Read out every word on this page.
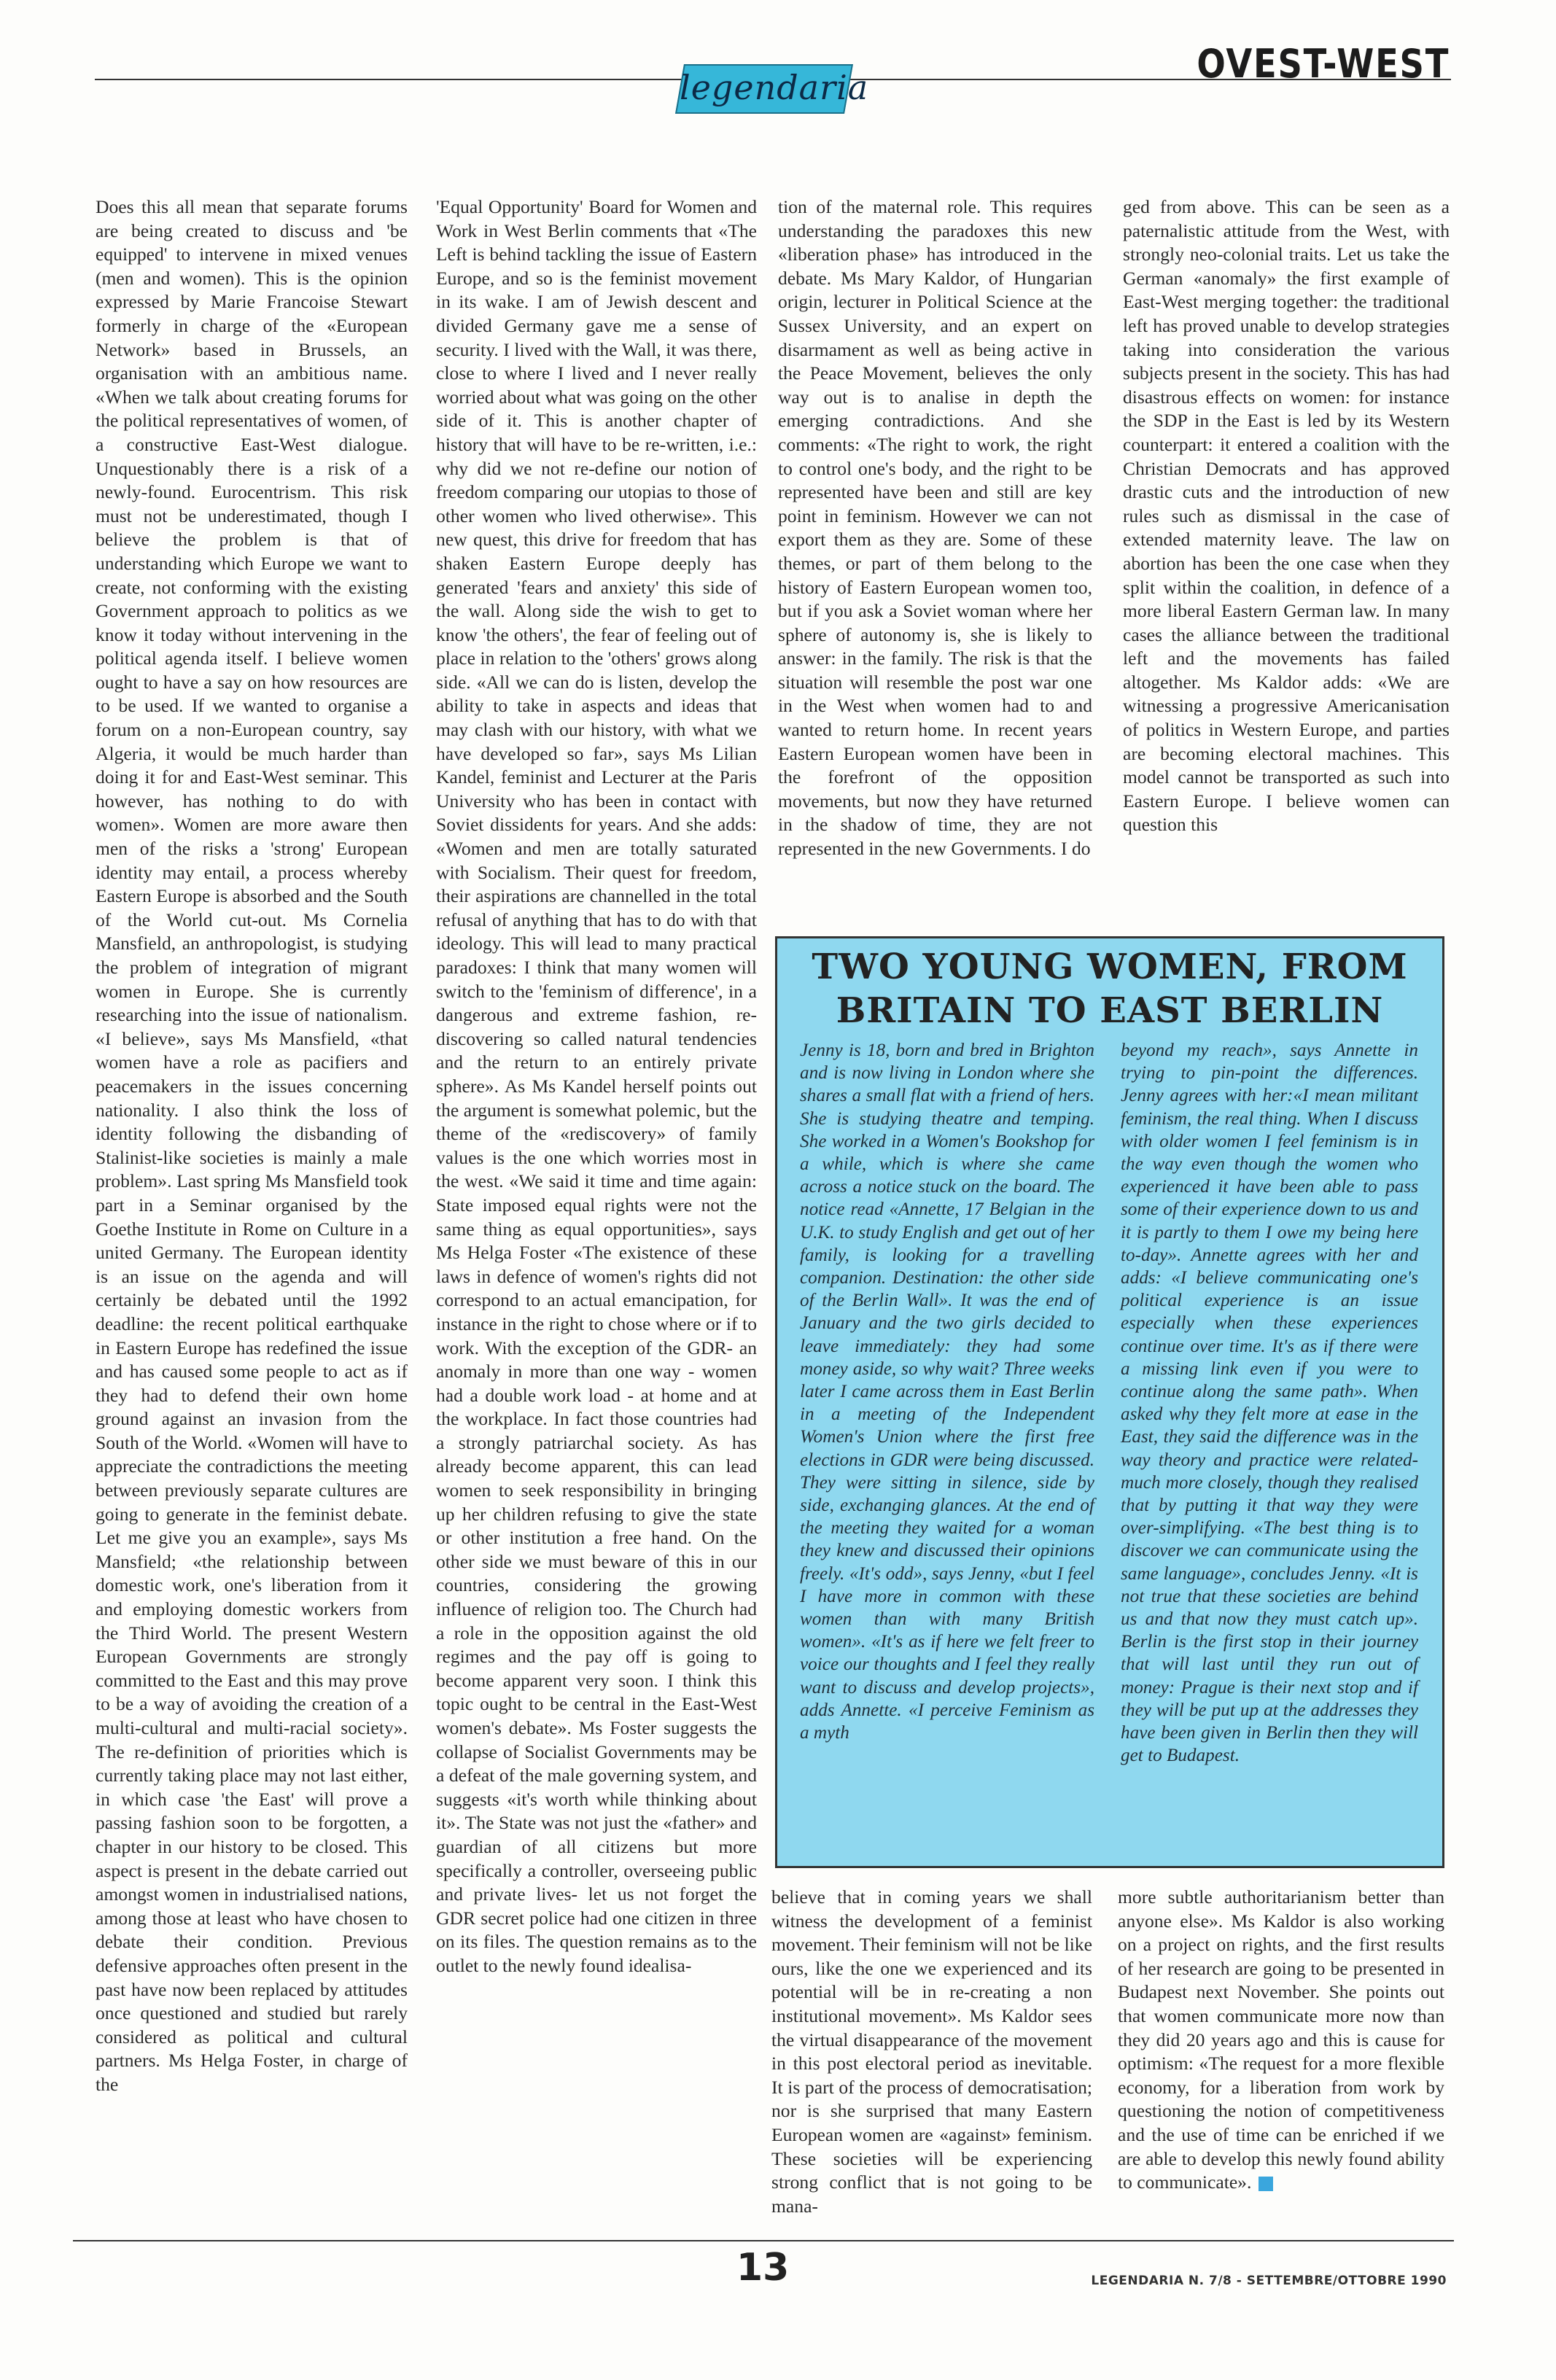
legendaria
OVEST-WEST

Does this all mean that separate forums are being created to discuss and 'be equipped' to intervene in mixed venues (men and women). This is the opinion expressed by Marie Francoise Stewart formerly in charge of the «European Network» based in Brussels, an organisation with an ambitious name. «When we talk about creating forums for the political representatives of women, of a constructive East-West dialogue. Unquestionably there is a risk of a newly-found. Eurocentrism. This risk must not be underestimated, though I believe the problem is that of understanding which Europe we want to create, not conforming with the existing Government approach to politics as we know it today without intervening in the political agenda itself. I believe women ought to have a say on how resources are to be used. If we wanted to organise a forum on a non-European country, say Algeria, it would be much harder than doing it for and East-West seminar. This however, has nothing to do with women». Women are more aware then men of the risks a 'strong' European identity may entail, a process whereby Eastern Europe is absorbed and the South of the World cut-out. Ms Cornelia Mansfield, an anthropologist, is studying the problem of integration of migrant women in Europe. She is currently researching into the issue of nationalism. «I believe», says Ms Mansfield, «that women have a role as pacifiers and peacemakers in the issues concerning nationality. I also think the loss of identity following the disbanding of Stalinist-like societies is mainly a male problem». Last spring Ms Mansfield took part in a Seminar organised by the Goethe Institute in Rome on Culture in a united Germany. The European identity is an issue on the agenda and will certainly be debated until the 1992 deadline: the recent political earthquake in Eastern Europe has redefined the issue and has caused some people to act as if they had to defend their own home ground against an invasion from the South of the World. «Women will have to appreciate the contradictions the meeting between previously separate cultures are going to generate in the feminist debate. Let me give you an example», says Ms Mansfield; «the relationship between domestic work, one's liberation from it and employing domestic workers from the Third World. The present Western European Governments are strongly committed to the East and this may prove to be a way of avoiding the creation of a multi-cultural and multi-racial society». The re-definition of priorities which is currently taking place may not last either, in which case 'the East' will prove a passing fashion soon to be forgotten, a chapter in our history to be closed. This aspect is present in the debate carried out amongst women in industrialised nations, among those at least who have chosen to debate their condition. Previous defensive approaches often present in the past have now been replaced by attitudes once questioned and studied but rarely considered as political and cultural partners. Ms Helga Foster, in charge of the

'Equal Opportunity' Board for Women and Work in West Berlin comments that «The Left is behind tackling the issue of Eastern Europe, and so is the feminist movement in its wake. I am of Jewish descent and divided Germany gave me a sense of security. I lived with the Wall, it was there, close to where I lived and I never really worried about what was going on the other side of it. This is another chapter of history that will have to be re-written, i.e.: why did we not re-define our notion of freedom comparing our utopias to those of other women who lived otherwise». This new quest, this drive for freedom that has shaken Eastern Europe deeply has generated 'fears and anxiety' this side of the wall. Along side the wish to get to know 'the others', the fear of feeling out of place in relation to the 'others' grows along side. «All we can do is listen, develop the ability to take in aspects and ideas that may clash with our history, with what we have developed so far», says Ms Lilian Kandel, feminist and Lecturer at the Paris University who has been in contact with Soviet dissidents for years. And she adds: «Women and men are totally saturated with Socialism. Their quest for freedom, their aspirations are channelled in the total refusal of anything that has to do with that ideology. This will lead to many practical paradoxes: I think that many women will switch to the 'feminism of difference', in a dangerous and extreme fashion, re-discovering so called natural tendencies and the return to an entirely private sphere». As Ms Kandel herself points out the argument is somewhat polemic, but the theme of the «rediscovery» of family values is the one which worries most in the west. «We said it time and time again: State imposed equal rights were not the same thing as equal opportunities», says Ms Helga Foster «The existence of these laws in defence of women's rights did not correspond to an actual emancipation, for instance in the right to chose where or if to work. With the exception of the GDR- an anomaly in more than one way - women had a double work load - at home and at the workplace. In fact those countries had a strongly patriarchal society. As has already become apparent, this can lead women to seek responsibility in bringing up her children refusing to give the state or other institution a free hand. On the other side we must beware of this in our countries, considering the growing influence of religion too. The Church had a role in the opposition against the old regimes and the pay off is going to become apparent very soon. I think this topic ought to be central in the East-West women's debate». Ms Foster suggests the collapse of Socialist Governments may be a defeat of the male governing system, and suggests «it's worth while thinking about it». The State was not just the «father» and guardian of all citizens but more specifically a controller, overseeing public and private lives- let us not forget the GDR secret police had one citizen in three on its files. The question remains as to the outlet to the newly found idealisa-

tion of the maternal role. This requires understanding the paradoxes this new «liberation phase» has introduced in the debate. Ms Mary Kaldor, of Hungarian origin, lecturer in Political Science at the Sussex University, and an expert on disarmament as well as being active in the Peace Movement, believes the only way out is to analise in depth the emerging contradictions. And she comments: «The right to work, the right to control one's body, and the right to be represented have been and still are key point in feminism. However we can not export them as they are. Some of these themes, or part of them belong to the history of Eastern European women too, but if you ask a Soviet woman where her sphere of autonomy is, she is likely to answer: in the family. The risk is that the situation will resemble the post war one in the West when women had to and wanted to return home. In recent years Eastern European women have been in the forefront of the opposition movements, but now they have returned in the shadow of time, they are not represented in the new Governments. I do

ged from above. This can be seen as a paternalistic attitude from the West, with strongly neo-colonial traits. Let us take the German «anomaly» the first example of East-West merging together: the traditional left has proved unable to develop strategies taking into consideration the various subjects present in the society. This has had disastrous effects on women: for instance the SDP in the East is led by its Western counterpart: it entered a coalition with the Christian Democrats and has approved drastic cuts and the introduction of new rules such as dismissal in the case of extended maternity leave. The law on abortion has been the one case when they split within the coalition, in defence of a more liberal Eastern German law. In many cases the alliance between the traditional left and the movements has failed altogether. Ms Kaldor adds: «We are witnessing a progressive Americanisation of politics in Western Europe, and parties are becoming electoral machines. This model cannot be transported as such into Eastern Europe. I believe women can question this

TWO YOUNG WOMEN, FROM BRITAIN TO EAST BERLIN
Jenny is 18, born and bred in Brighton and is now living in London where she shares a small flat with a friend of hers. She is studying theatre and temping. She worked in a Women's Bookshop for a while, which is where she came across a notice stuck on the board. The notice read «Annette, 17 Belgian in the U.K. to study English and get out of her family, is looking for a travelling companion. Destination: the other side of the Berlin Wall». It was the end of January and the two girls decided to leave immediately: they had some money aside, so why wait? Three weeks later I came across them in East Berlin in a meeting of the Independent Women's Union where the first free elections in GDR were being discussed. They were sitting in silence, side by side, exchanging glances. At the end of the meeting they waited for a woman they knew and discussed their opinions freely. «It's odd», says Jenny, «but I feel I have more in common with these women than with many British women». «It's as if here we felt freer to voice our thoughts and I feel they really want to discuss and develop projects», adds Annette. «I perceive Feminism as a myth
beyond my reach», says Annette in trying to pin-point the differences. Jenny agrees with her:«I mean militant feminism, the real thing. When I discuss with older women I feel feminism is in the way even though the women who experienced it have been able to pass some of their experience down to us and it is partly to them I owe my being here to-day». Annette agrees with her and adds: «I believe communicating one's political experience is an issue especially when these experiences continue over time. It's as if there were a missing link even if you were to continue along the same path». When asked why they felt more at ease in the East, they said the difference was in the way theory and practice were related- much more closely, though they realised that by putting it that way they were over-simplifying. «The best thing is to discover we can communicate using the same language», concludes Jenny. «It is not true that these societies are behind us and that now they must catch up». Berlin is the first stop in their journey that will last until they run out of money: Prague is their next stop and if they will be put up at the addresses they have been given in Berlin then they will get to Budapest.

believe that in coming years we shall witness the development of a feminist movement. Their feminism will not be like ours, like the one we experienced and its potential will be in re-creating a non institutional movement». Ms Kaldor sees the virtual disappearance of the movement in this post electoral period as inevitable. It is part of the process of democratisation; nor is she surprised that many Eastern European women are «against» feminism. These societies will be experiencing strong conflict that is not going to be mana-

more subtle authoritarianism better than anyone else». Ms Kaldor is also working on a project on rights, and the first results of her research are going to be presented in Budapest next November. She points out that women communicate more now than they did 20 years ago and this is cause for optimism: «The request for a more flexible economy, for a liberation from work by questioning the notion of competitiveness and the use of time can be enriched if we are able to develop this newly found ability to communicate».
13	LEGENDARIA N. 7/8 - SETTEMBRE/OTTOBRE 1990
